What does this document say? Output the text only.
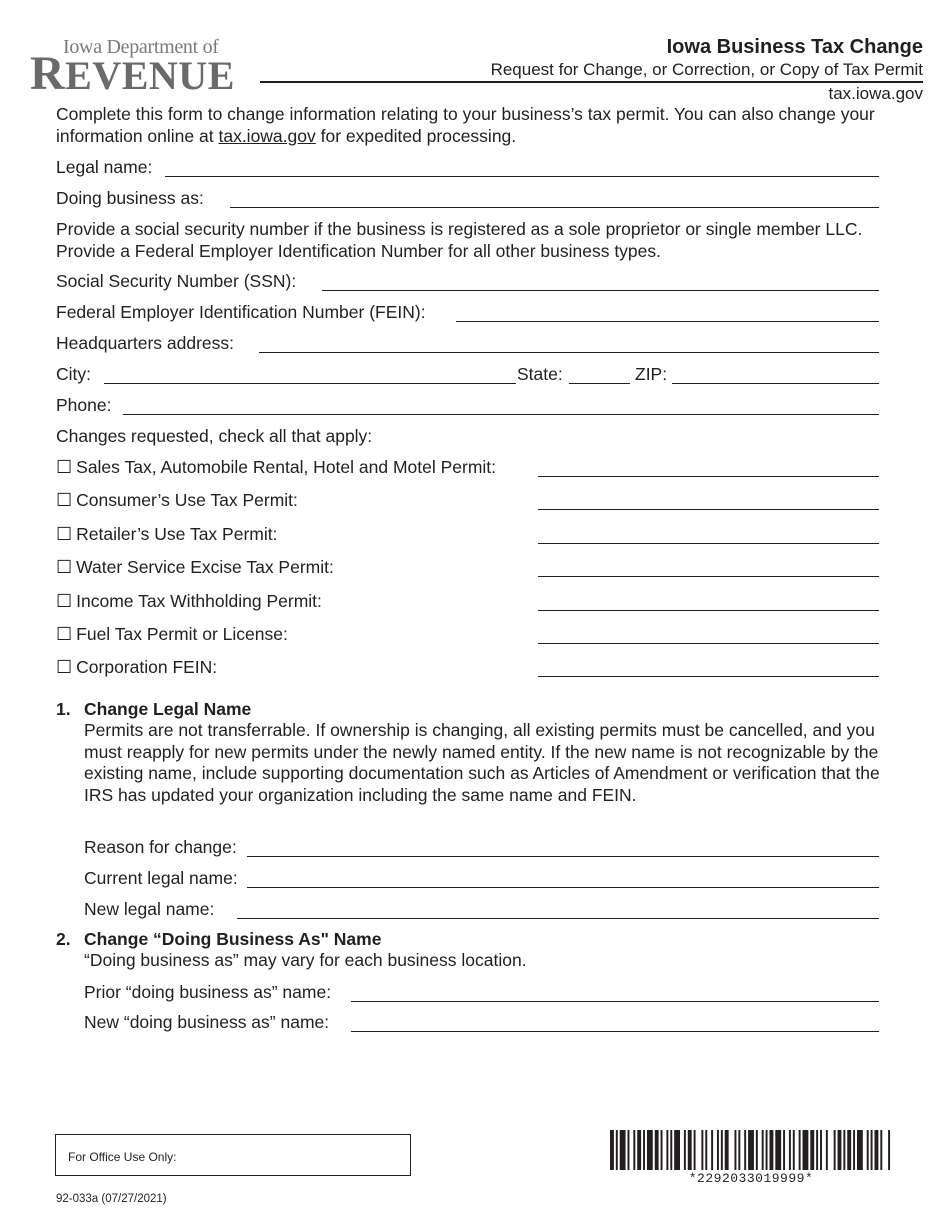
Iowa Department of
REVENUE
Iowa Business Tax Change
Request for Change, or Correction, or Copy of Tax Permit
tax.iowa.gov
Complete this form to change information relating to your business’s tax permit. You can also change your information online at tax.iowa.gov for expedited processing.
Legal name:
Doing business as:
Provide a social security number if the business is registered as a sole proprietor or single member LLC. Provide a Federal Employer Identification Number for all other business types.
Social Security Number (SSN):
Federal Employer Identification Number (FEIN):
Headquarters address:
City:	State:	ZIP:
Phone:
Changes requested, check all that apply:
☐ Sales Tax, Automobile Rental, Hotel and Motel Permit:
☐ Consumer’s Use Tax Permit:
☐ Retailer’s Use Tax Permit:
☐ Water Service Excise Tax Permit:
☐ Income Tax Withholding Permit:
☐ Fuel Tax Permit or License:
☐ Corporation FEIN:
1. Change Legal Name
Permits are not transferrable. If ownership is changing, all existing permits must be cancelled, and you must reapply for new permits under the newly named entity. If the new name is not recognizable by the existing name, include supporting documentation such as Articles of Amendment or verification that the IRS has updated your organization including the same name and FEIN.
Reason for change:
Current legal name:
New legal name:
2. Change “Doing Business As" Name
“Doing business as” may vary for each business location.
Prior “doing business as” name:
New “doing business as” name:
For Office Use Only:
*2292033019999*
92-033a (07/27/2021)
